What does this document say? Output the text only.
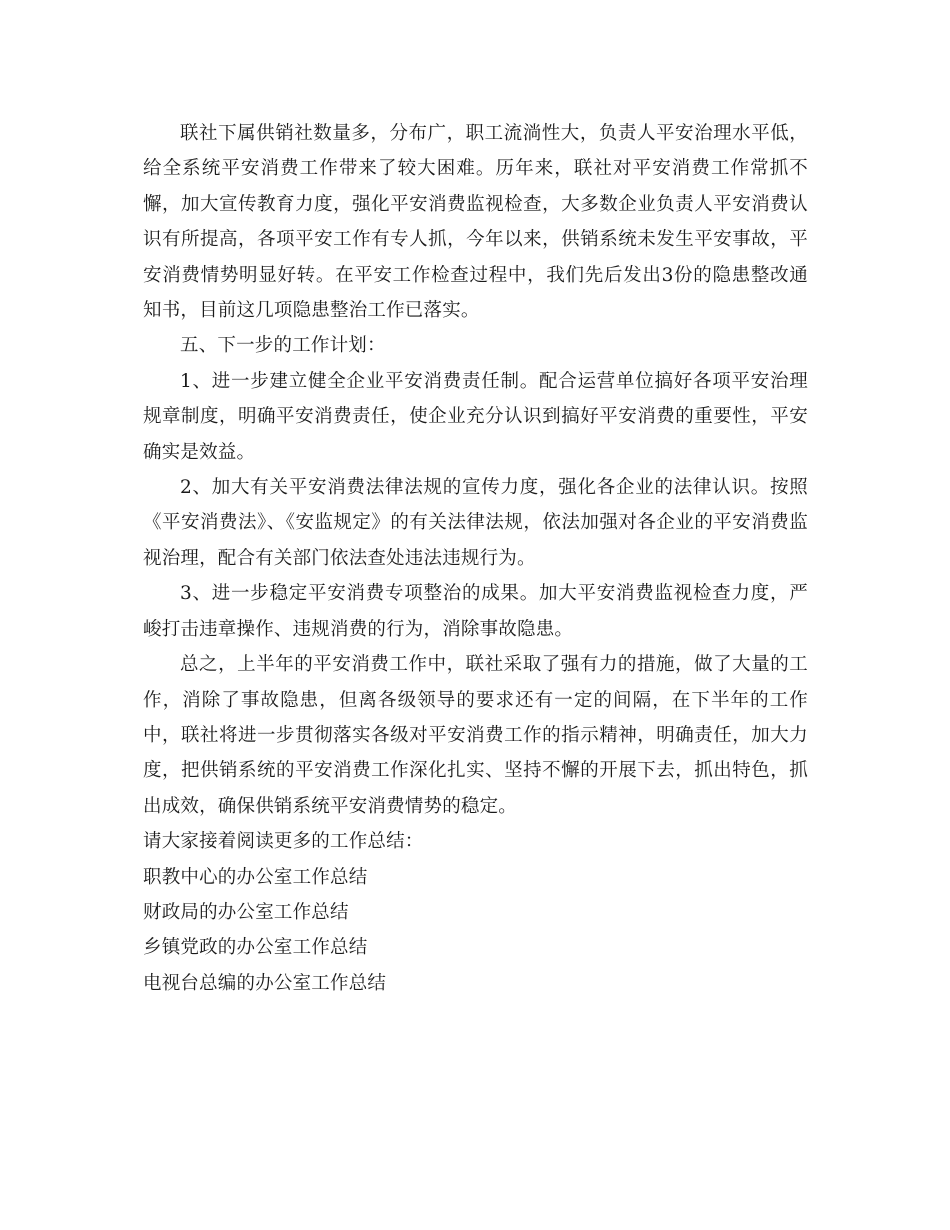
联社下属供销社数量多，分布广，职工流淌性大，负责人平安治理水平低，给全系统平安消费工作带来了较大困难。历年来，联社对平安消费工作常抓不懈，加大宣传教育力度，强化平安消费监视检查，大多数企业负责人平安消费认识有所提高，各项平安工作有专人抓，今年以来，供销系统未发生平安事故，平安消费情势明显好转。在平安工作检查过程中，我们先后发出3份的隐患整改通知书，目前这几项隐患整治工作已落实。

五、下一步的工作计划：

1、进一步建立健全企业平安消费责任制。配合运营单位搞好各项平安治理规章制度，明确平安消费责任，使企业充分认识到搞好平安消费的重要性，平安确实是效益。

2、加大有关平安消费法律法规的宣传力度，强化各企业的法律认识。按照《平安消费法》、《安监规定》的有关法律法规，依法加强对各企业的平安消费监视治理，配合有关部门依法查处违法违规行为。

3、进一步稳定平安消费专项整治的成果。加大平安消费监视检查力度，严峻打击违章操作、违规消费的行为，消除事故隐患。

总之，上半年的平安消费工作中，联社采取了强有力的措施，做了大量的工作，消除了事故隐患，但离各级领导的要求还有一定的间隔，在下半年的工作中，联社将进一步贯彻落实各级对平安消费工作的指示精神，明确责任，加大力度，把供销系统的平安消费工作深化扎实、坚持不懈的开展下去，抓出特色，抓出成效，确保供销系统平安消费情势的稳定。

请大家接着阅读更多的工作总结：

职教中心的办公室工作总结

财政局的办公室工作总结

乡镇党政的办公室工作总结

电视台总编的办公室工作总结
